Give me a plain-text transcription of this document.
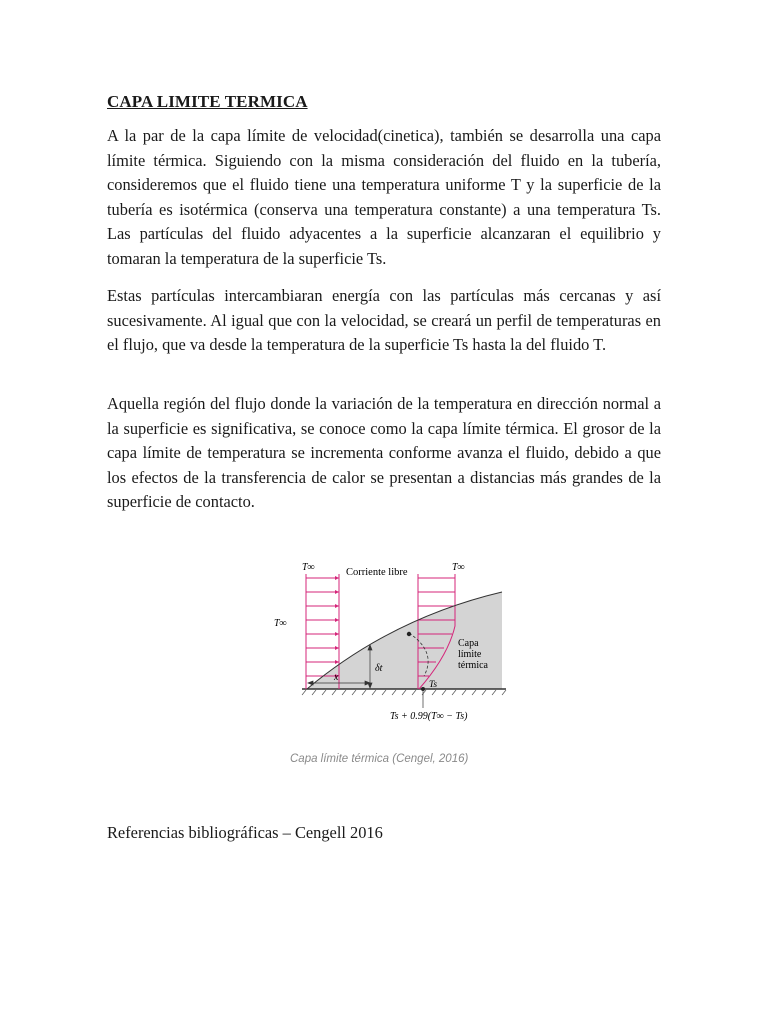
CAPA LIMITE TERMICA

A la par de la capa límite de velocidad(cinetica), también se desarrolla una capa límite térmica. Siguiendo con la misma consideración del fluido en la tubería, consideremos que el fluido tiene una temperatura uniforme T y la superficie de la tubería es isotérmica (conserva una temperatura constante) a una temperatura Ts. Las partículas del fluido adyacentes a la superficie alcanzaran el equilibrio y tomaran la temperatura de la superficie Ts.

Estas partículas intercambiaran energía con las partículas más cercanas y así sucesivamente. Al igual que con la velocidad, se creará un perfil de temperaturas en el flujo, que va desde la temperatura de la superficie Ts hasta la del fluido T.

Aquella región del flujo donde la variación de la temperatura en dirección normal a la superficie es significativa, se conoce como la capa límite térmica. El grosor de la capa límite de temperatura se incrementa conforme avanza el fluido, debido a que los efectos de la transferencia de calor se presentan a distancias más grandes de la superficie de contacto.

T∞	T∞
T∞
Corriente libre
Capa
límite
térmica
x
δt
Ts
Ts + 0.99(T∞ − Ts)

Capa límite térmica (Cengel, 2016)

Referencias bibliográficas – Cengell 2016
